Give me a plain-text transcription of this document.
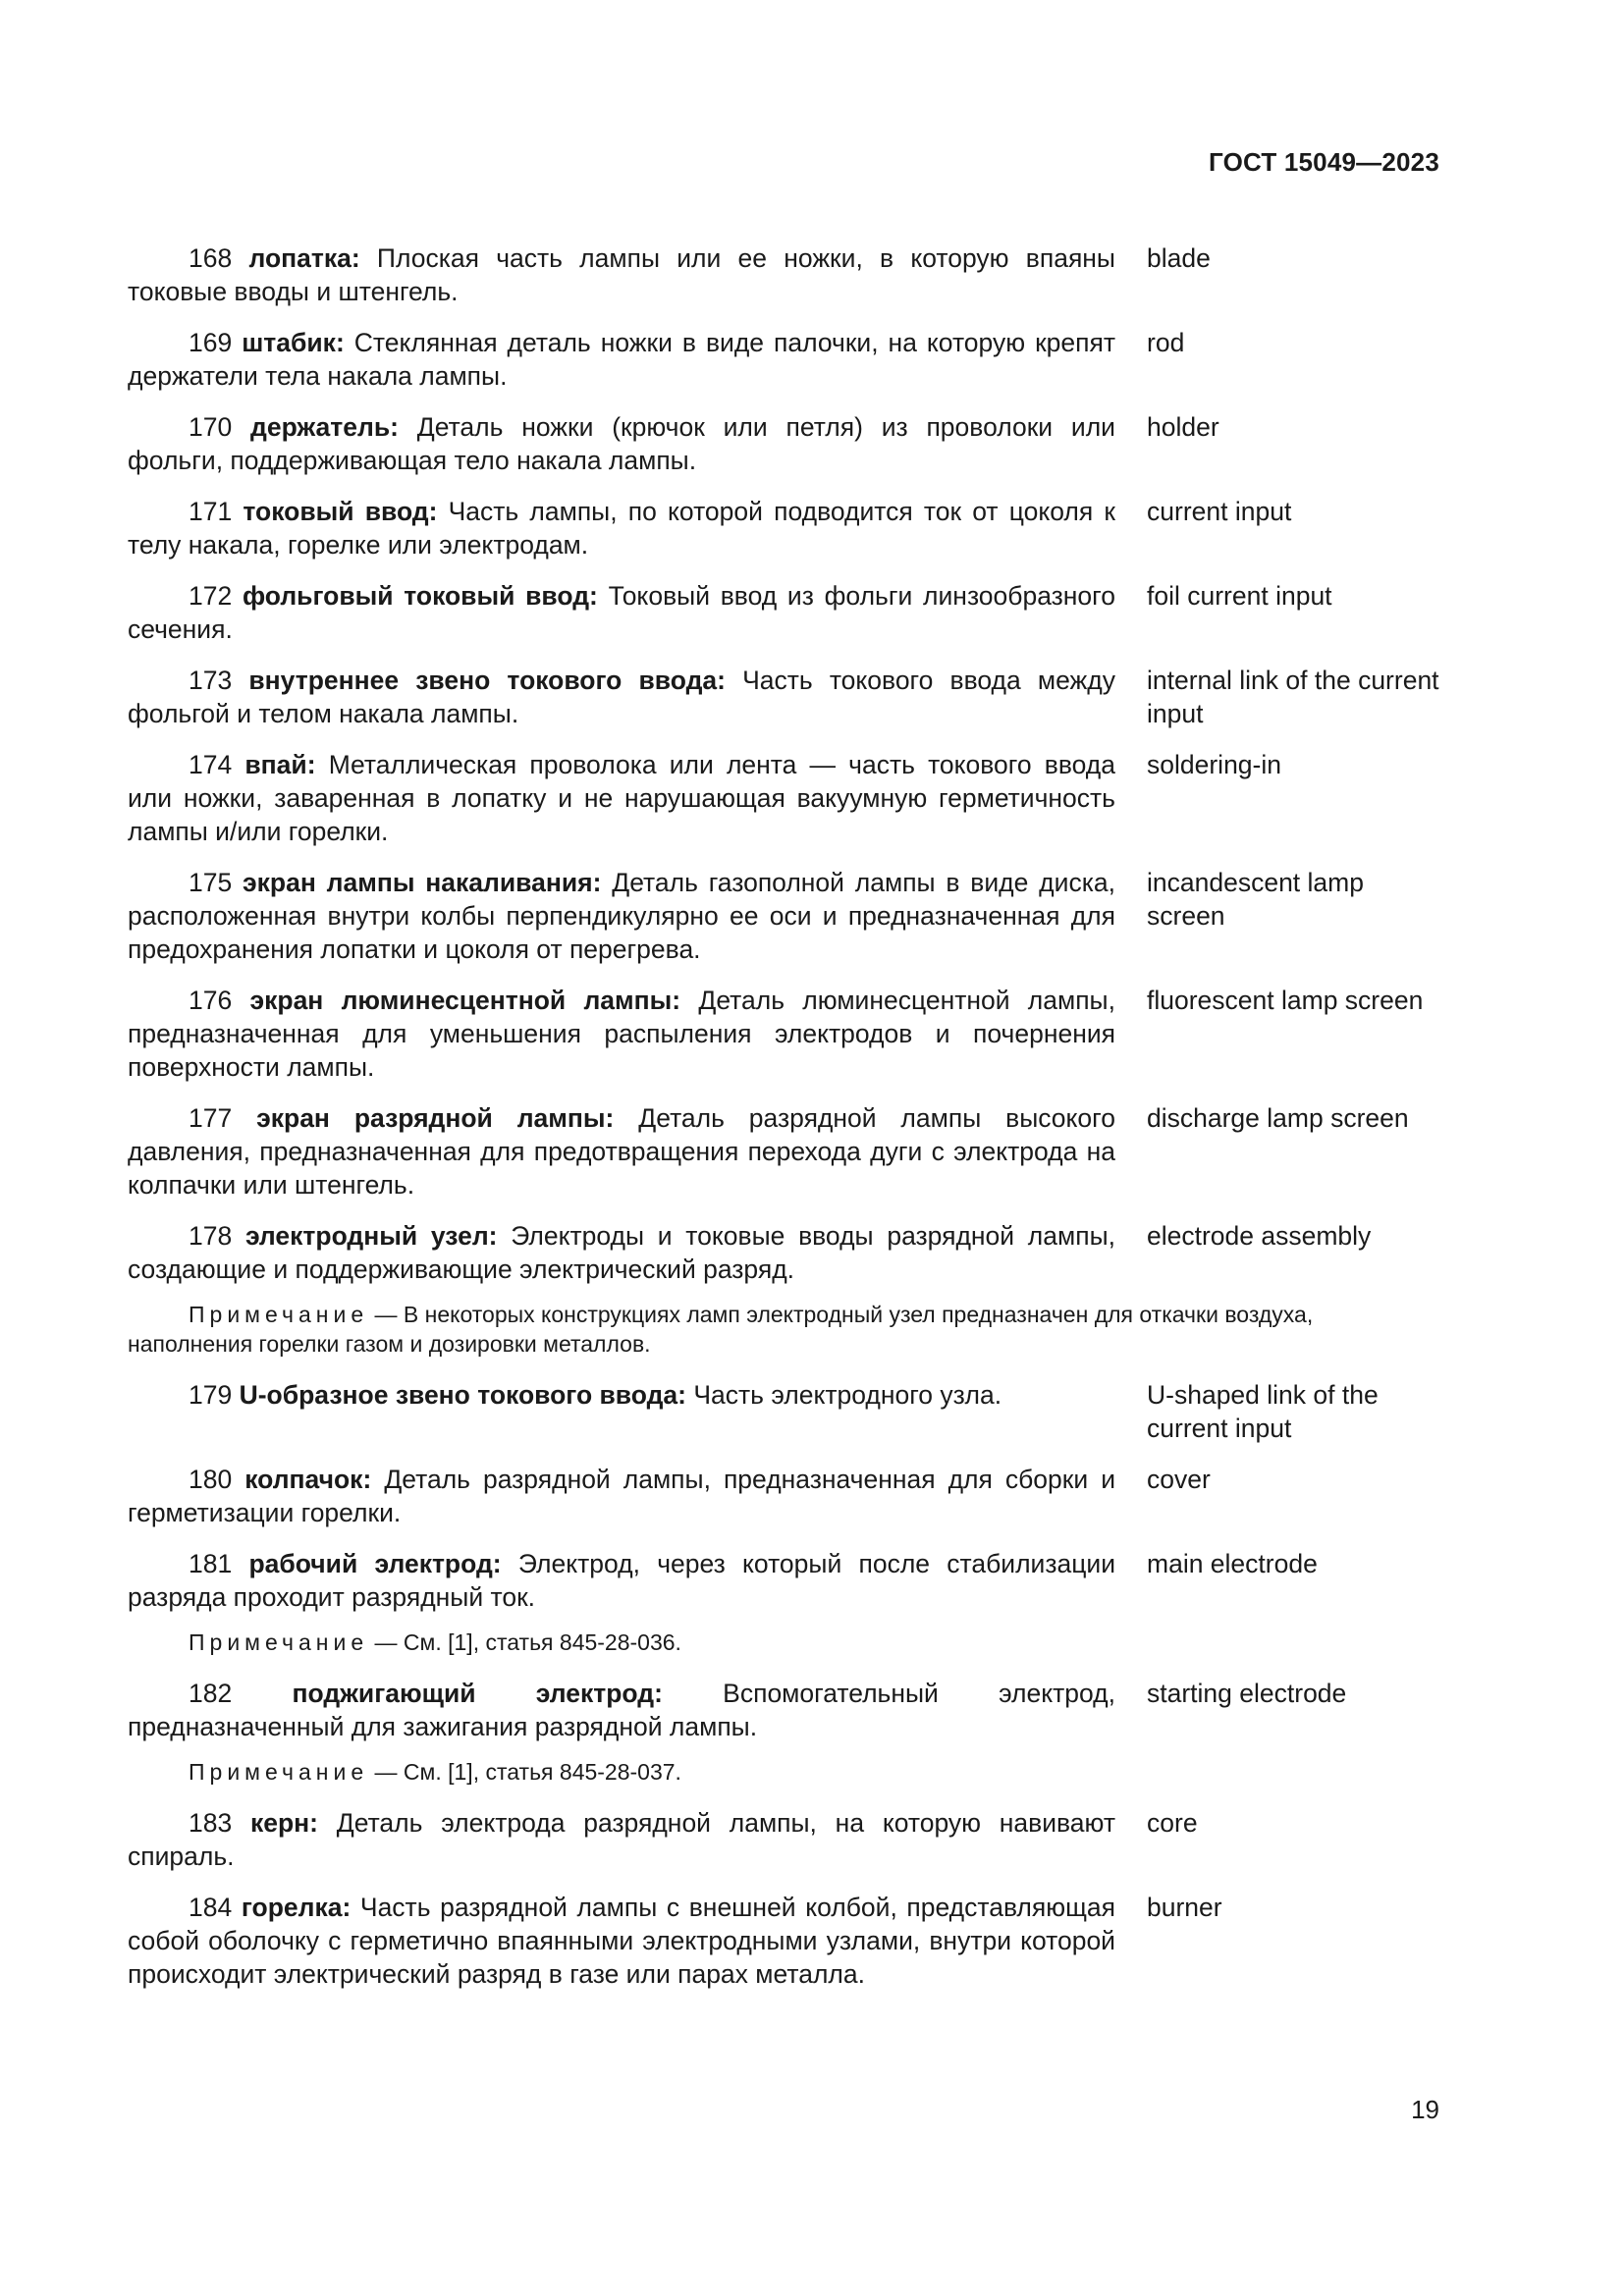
ГОСТ 15049—2023
168 лопатка: Плоская часть лампы или ее ножки, в которую впаяны токовые вводы и штенгель.
blade
169 штабик: Стеклянная деталь ножки в виде палочки, на которую крепят держатели тела накала лампы.
rod
170 держатель: Деталь ножки (крючок или петля) из проволоки или фольги, поддерживающая тело накала лампы.
holder
171 токовый ввод: Часть лампы, по которой подводится ток от цоколя к телу накала, горелке или электродам.
current input
172 фольговый токовый ввод: Токовый ввод из фольги линзообразного сечения.
foil current input
173 внутреннее звено токового ввода: Часть токового ввода между фольгой и телом накала лампы.
internal link of the current input
174 впай: Металлическая проволока или лента — часть токового ввода или ножки, заваренная в лопатку и не нарушающая вакуумную герметичность лампы и/или горелки.
soldering-in
175 экран лампы накаливания: Деталь газополной лампы в виде диска, расположенная внутри колбы перпендикулярно ее оси и предназначенная для предохранения лопатки и цоколя от перегрева.
incandescent lamp screen
176 экран люминесцентной лампы: Деталь люминесцентной лампы, предназначенная для уменьшения распыления электродов и почернения поверхности лампы.
fluorescent lamp screen
177 экран разрядной лампы: Деталь разрядной лампы высокого давления, предназначенная для предотвращения перехода дуги с электрода на колпачки или штенгель.
discharge lamp screen
178 электродный узел: Электроды и токовые вводы разрядной лампы, создающие и поддерживающие электрический разряд.
electrode assembly
Примечание — В некоторых конструкциях ламп электродный узел предназначен для откачки воздуха, наполнения горелки газом и дозировки металлов.
179 U-образное звено токового ввода: Часть электродного узла.	U-shaped link of the current input
180 колпачок: Деталь разрядной лампы, предназначенная для сборки и герметизации горелки.
cover
181 рабочий электрод: Электрод, через который после стабилизации разряда проходит разрядный ток.
main electrode
Примечание — См. [1], статья 845-28-036.
182 поджигающий электрод: Вспомогательный электрод, предназначенный для зажигания разрядной лампы.
starting electrode
Примечание — См. [1], статья 845-28-037.
183 керн: Деталь электрода разрядной лампы, на которую навивают спираль.
core
184 горелка: Часть разрядной лампы с внешней колбой, представляющая собой оболочку с герметично впаянными электродными узлами, внутри которой происходит электрический разряд в газе или парах металла.
burner
19
